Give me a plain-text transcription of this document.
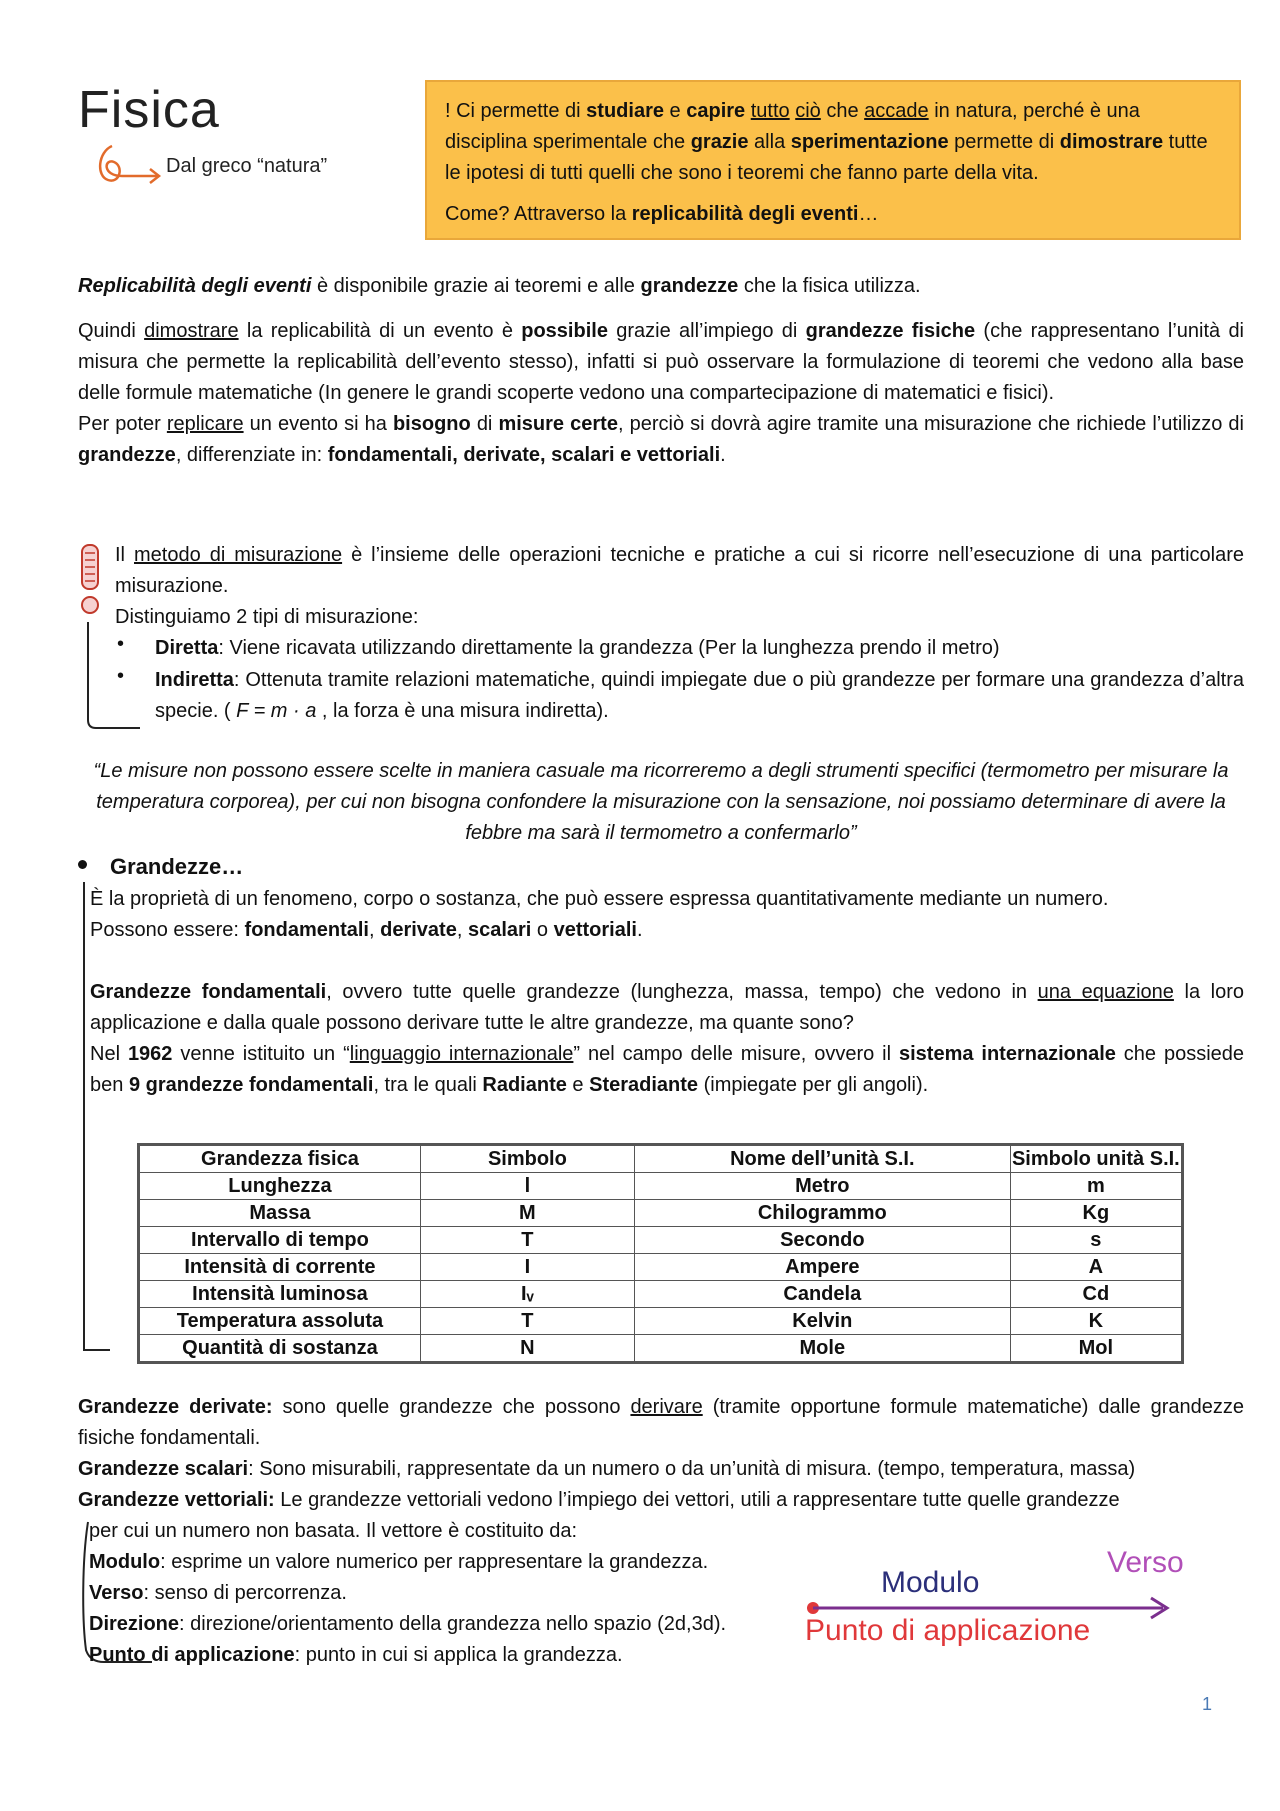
Fisica
Dal greco “natura”

! Ci permette di studiare e capire tutto ciò che accade in natura, perché è una disciplina sperimentale che grazie alla sperimentazione permette di dimostrare tutte le ipotesi di tutti quelli che sono i teoremi che fanno parte della vita.

Come? Attraverso la replicabilità degli eventi…

Replicabilità degli eventi è disponibile grazie ai teoremi e alle grandezze che la fisica utilizza.

Quindi dimostrare la replicabilità di un evento è possibile grazie all’impiego di grandezze fisiche (che rappresentano l’unità di misura che permette la replicabilità dell’evento stesso), infatti si può osservare la formulazione di teoremi che vedono alla base delle formule matematiche (In genere le grandi scoperte vedono una compartecipazione di matematici e fisici).

Per poter replicare un evento si ha bisogno di misure certe, perciò si dovrà agire tramite una misurazione che richiede l’utilizzo di grandezze, differenziate in: fondamentali, derivate, scalari e vettoriali.

Il metodo di misurazione è l’insieme delle operazioni tecniche e pratiche a cui si ricorre nell’esecuzione di una particolare misurazione.

Distinguiamo 2 tipi di misurazione:

• Diretta: Viene ricavata utilizzando direttamente la grandezza (Per la lunghezza prendo il metro)

• Indiretta: Ottenuta tramite relazioni matematiche, quindi impiegate due o più grandezze per formare una grandezza d’altra specie. ( F = m · a , la forza è una misura indiretta).

“Le misure non possono essere scelte in maniera casuale ma ricorreremo a degli strumenti specifici (termometro per misurare la temperatura corporea), per cui non bisogna confondere la misurazione con la sensazione, noi possiamo determinare di avere la febbre ma sarà il termometro a confermarlo”
Grandezze…

È la proprietà di un fenomeno, corpo o sostanza, che può essere espressa quantitativamente mediante un numero.

Possono essere: fondamentali, derivate, scalari o vettoriali.

Grandezze fondamentali, ovvero tutte quelle grandezze (lunghezza, massa, tempo) che vedono in una equazione la loro applicazione e dalla quale possono derivare tutte le altre grandezze, ma quante sono?

Nel 1962 venne istituito un “linguaggio internazionale” nel campo delle misure, ovvero il sistema internazionale che possiede ben 9 grandezze fondamentali, tra le quali Radiante e Steradiante (impiegate per gli angoli).

Grandezza fisica	Simbolo	Nome dell’unità S.I.	Simbolo unità S.I.
Lunghezza	l	Metro	m
Massa	M	Chilogrammo	Kg
Intervallo di tempo	T	Secondo	s
Intensità di corrente	I	Ampere	A
Intensità luminosa	Iᵥ	Candela	Cd
Temperatura assoluta	T	Kelvin	K
Quantità di sostanza	N	Mole	Mol

Grandezze derivate: sono quelle grandezze che possono derivare (tramite opportune formule matematiche) dalle grandezze fisiche fondamentali.

Grandezze scalari: Sono misurabili, rappresentate da un numero o da un’unità di misura. (tempo, temperatura, massa)

Grandezze vettoriali: Le grandezze vettoriali vedono l’impiego dei vettori, utili a rappresentare tutte quelle grandezze

per cui un numero non basata. Il vettore è costituito da:
Modulo: esprime un valore numerico per rappresentare la grandezza.
Verso: senso di percorrenza.
Direzione: direzione/orientamento della grandezza nello spazio (2d,3d).
Punto di applicazione: punto in cui si applica la grandezza.
Modulo
Verso
Punto di applicazione
1
